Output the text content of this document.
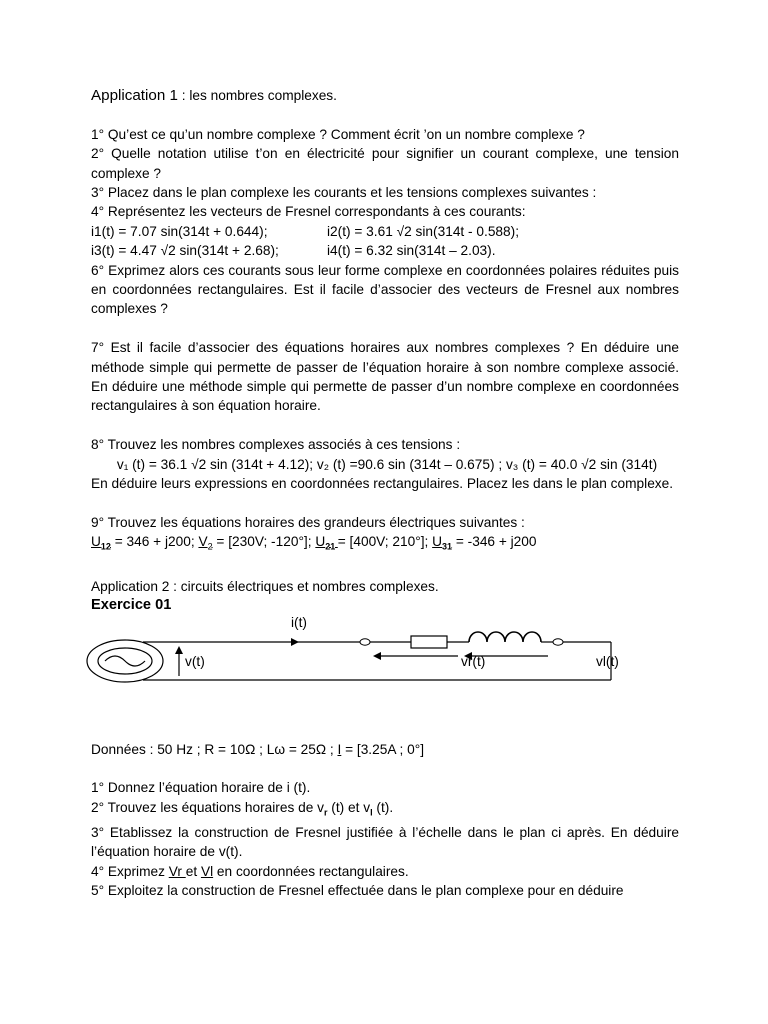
Application 1 : les nombres complexes.

1° Qu’est ce qu’un nombre complexe ? Comment écrit ’on un nombre complexe ?

2° Quelle notation utilise t’on en électricité pour signifier un courant complexe, une tension complexe ?

3° Placez dans le plan complexe les courants et les tensions complexes suivantes :

4° Représentez les vecteurs de Fresnel correspondants à ces courants:

i1(t) = 7.07 sin(314t + 0.644);	i2(t) = 3.61 √2 sin(314t - 0.588);

i3(t) = 4.47 √2 sin(314t + 2.68);	i4(t) = 6.32 sin(314t – 2.03).

6° Exprimez alors ces courants sous leur forme complexe en coordonnées polaires réduites puis en coordonnées rectangulaires. Est il facile d’associer des vecteurs de Fresnel aux nombres complexes ?

7° Est il facile d’associer des équations horaires aux nombres complexes ? En déduire une méthode simple qui permette de passer de l’équation horaire à son nombre complexe associé. En déduire une méthode simple qui permette de passer d’un nombre complexe en coordonnées rectangulaires à son équation horaire.

8° Trouvez les nombres complexes associés à ces tensions :

v₁ (t) = 36.1 √2 sin (314t + 4.12); v₂ (t) =90.6 sin (314t – 0.675) ; v₃ (t) = 40.0 √2 sin (314t)

En déduire leurs expressions en coordonnées rectangulaires. Placez les dans le plan complexe.

9° Trouvez les équations horaires des grandeurs électriques suivantes :

$U_{12} = 346 + j200$; $V_2 = [230V$; -120°]; $U_{21} = [400V$; 210°]; $U_{31} = -346 + j200$

Application 2 : circuits électriques et nombres complexes.

Exercice 01

i(t)
v(t)	vr(t)	vl(t)

Données : 50 Hz ; R = 10Ω ; Lω = 25Ω ; I = [3.25A ; 0°]

1° Donnez l’équation horaire de i (t).

2° Trouvez les équations horaires de $v_r$ (t) et $v_l$ (t).

3° Etablissez la construction de Fresnel justifiée à l’échelle dans le plan ci après. En déduire l’équation horaire de v(t).

4° Exprimez Vr et Vl en coordonnées rectangulaires.

5° Exploitez la construction de Fresnel effectuée dans le plan complexe pour en déduire
